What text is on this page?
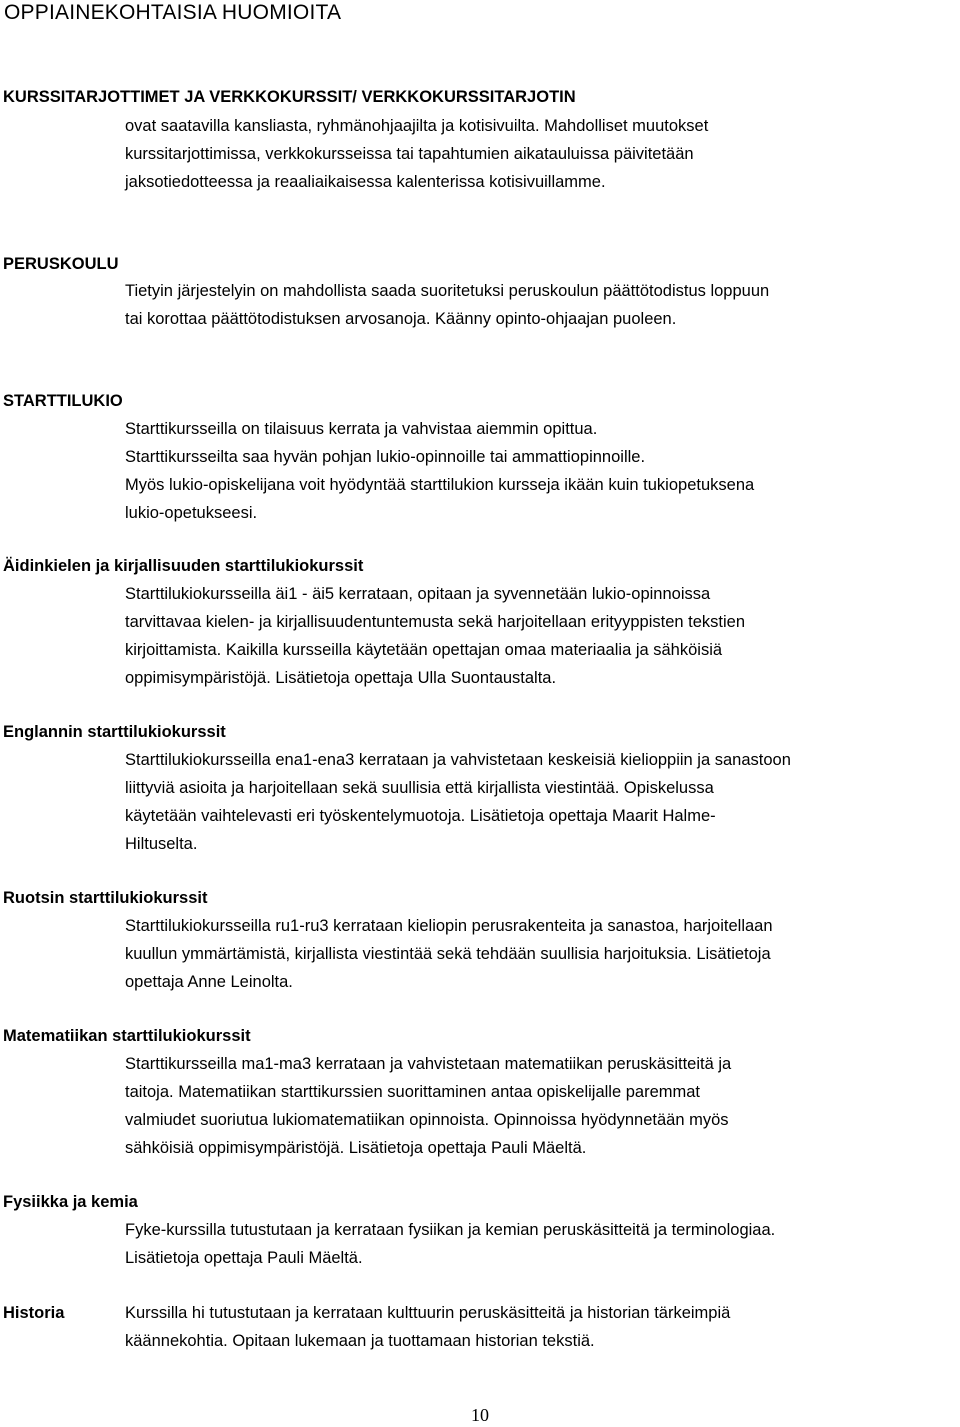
OPPIAINEKOHTAISIA HUOMIOITA
KURSSITARJOTTIMET JA VERKKOKURSSIT/ VERKKOKURSSITARJOTIN
ovat saatavilla kansliasta, ryhmänohjaajilta ja kotisivuilta. Mahdolliset muutokset
kurssitarjottimissa, verkkokursseissa tai tapahtumien aikatauluissa päivitetään
jaksotiedotteessa ja reaaliaikaisessa kalenterissa kotisivuillamme.
PERUSKOULU
Tietyin järjestelyin on mahdollista saada suoritetuksi peruskoulun päättötodistus loppuun
tai korottaa päättötodistuksen arvosanoja. Käänny opinto-ohjaajan puoleen.
STARTTILUKIO
Starttikursseilla on tilaisuus kerrata ja vahvistaa aiemmin opittua.
Starttikursseilta saa hyvän pohjan lukio-opinnoille tai ammattiopinnoille.
Myös lukio-opiskelijana voit hyödyntää starttilukion kursseja ikään kuin tukiopetuksena
lukio-opetukseesi.
Äidinkielen ja kirjallisuuden starttilukiokurssit
Starttilukiokursseilla äi1 - äi5 kerrataan, opitaan ja syvennetään lukio-opinnoissa
tarvittavaa kielen- ja kirjallisuudentuntemusta sekä harjoitellaan erityyppisten tekstien
kirjoittamista. Kaikilla kursseilla käytetään opettajan omaa materiaalia ja sähköisiä
oppimisympäristöjä. Lisätietoja opettaja Ulla Suontaustalta.
Englannin starttilukiokurssit
Starttilukiokursseilla ena1-ena3 kerrataan ja vahvistetaan keskeisiä kielioppiin ja sanastoon
liittyviä asioita ja harjoitellaan sekä suullisia että kirjallista viestintää. Opiskelussa
käytetään vaihtelevasti eri työskentelymuotoja. Lisätietoja opettaja Maarit Halme-
Hiltuselta.
Ruotsin starttilukiokurssit
Starttilukiokursseilla ru1-ru3 kerrataan kieliopin perusrakenteita ja sanastoa, harjoitellaan
kuullun ymmärtämistä, kirjallista viestintää sekä tehdään suullisia harjoituksia. Lisätietoja
opettaja Anne Leinolta.
Matematiikan starttilukiokurssit
Starttikursseilla ma1-ma3 kerrataan ja vahvistetaan matematiikan peruskäsitteitä ja
taitoja. Matematiikan starttikurssien suorittaminen antaa opiskelijalle paremmat
valmiudet suoriutua lukiomatematiikan opinnoista. Opinnoissa hyödynnetään myös
sähköisiä oppimisympäristöjä. Lisätietoja opettaja Pauli Mäeltä.
Fysiikka ja kemia
Fyke-kurssilla tutustutaan ja kerrataan fysiikan ja kemian peruskäsitteitä ja terminologiaa.
Lisätietoja opettaja Pauli Mäeltä.
Historia	Kurssilla hi tutustutaan ja kerrataan kulttuurin peruskäsitteitä ja historian tärkeimpiä
käännekohtia. Opitaan lukemaan ja tuottamaan historian tekstiä.
10
